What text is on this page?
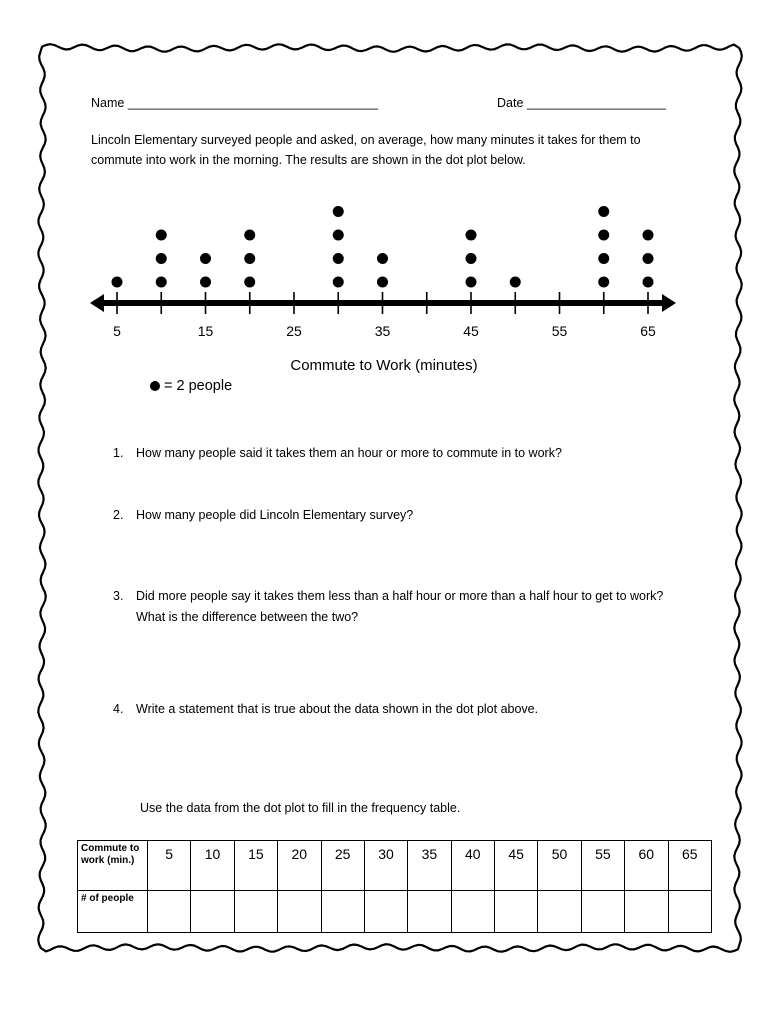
Name ____________________________________	Date ____________________
Lincoln Elementary surveyed people and asked, on average, how many minutes it takes for them to commute into work in the morning. The results are shown in the dot plot below.
5	15	25	35	45	55	65
Commute to Work (minutes)
= 2 people
1.	How many people said it takes them an hour or more to commute in to work?
2.	How many people did Lincoln Elementary survey?
3.	Did more people say it takes them less than a half hour or more than a half hour to get to work? What is the difference between the two?
4.	Write a statement that is true about the data shown in the dot plot above.
Use the data from the dot plot to fill in the frequency table.
Commute to work (min.)	5	10	15	20	25	30	35	40	45	50	55	60	65
# of people													
